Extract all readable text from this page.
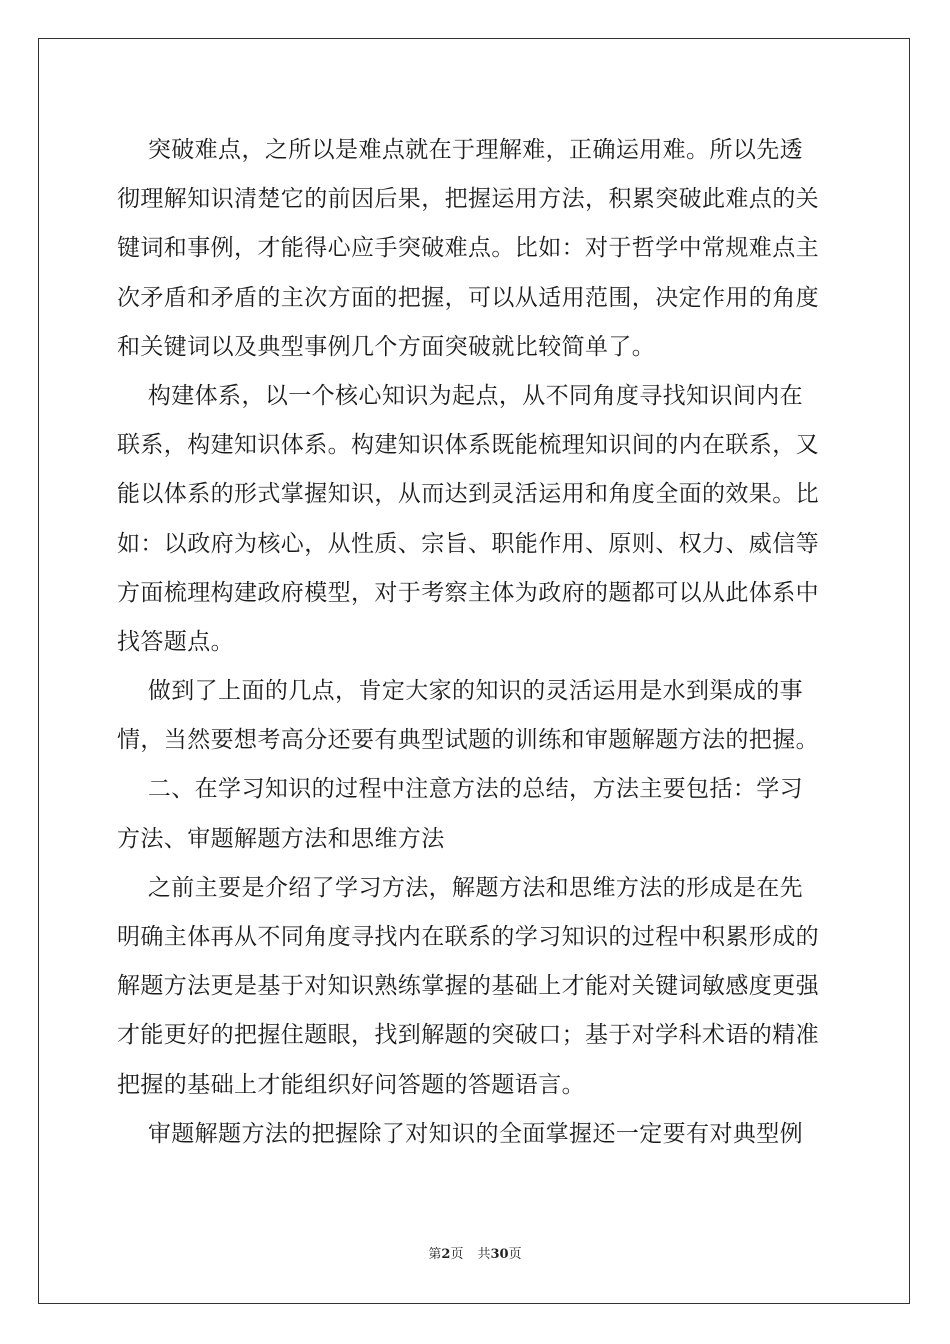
突破难点，之所以是难点就在于理解难，正确运用难。所以先透
彻理解知识清楚它的前因后果，把握运用方法，积累突破此难点的关
键词和事例，才能得心应手突破难点。比如：对于哲学中常规难点主
次矛盾和矛盾的主次方面的把握，可以从适用范围，决定作用的角度
和关键词以及典型事例几个方面突破就比较简单了。
构建体系，以一个核心知识为起点，从不同角度寻找知识间内在
联系，构建知识体系。构建知识体系既能梳理知识间的内在联系，又
能以体系的形式掌握知识，从而达到灵活运用和角度全面的效果。比
如：以政府为核心，从性质、宗旨、职能作用、原则、权力、威信等
方面梳理构建政府模型，对于考察主体为政府的题都可以从此体系中
找答题点。
做到了上面的几点，肯定大家的知识的灵活运用是水到渠成的事
情，当然要想考高分还要有典型试题的训练和审题解题方法的把握。
二、在学习知识的过程中注意方法的总结，方法主要包括：学习
方法、审题解题方法和思维方法
之前主要是介绍了学习方法，解题方法和思维方法的形成是在先
明确主体再从不同角度寻找内在联系的学习知识的过程中积累形成的
解题方法更是基于对知识熟练掌握的基础上才能对关键词敏感度更强
才能更好的把握住题眼，找到解题的突破口；基于对学科术语的精准
把握的基础上才能组织好问答题的答题语言。
审题解题方法的把握除了对知识的全面掌握还一定要有对典型例
第2页 共30页
